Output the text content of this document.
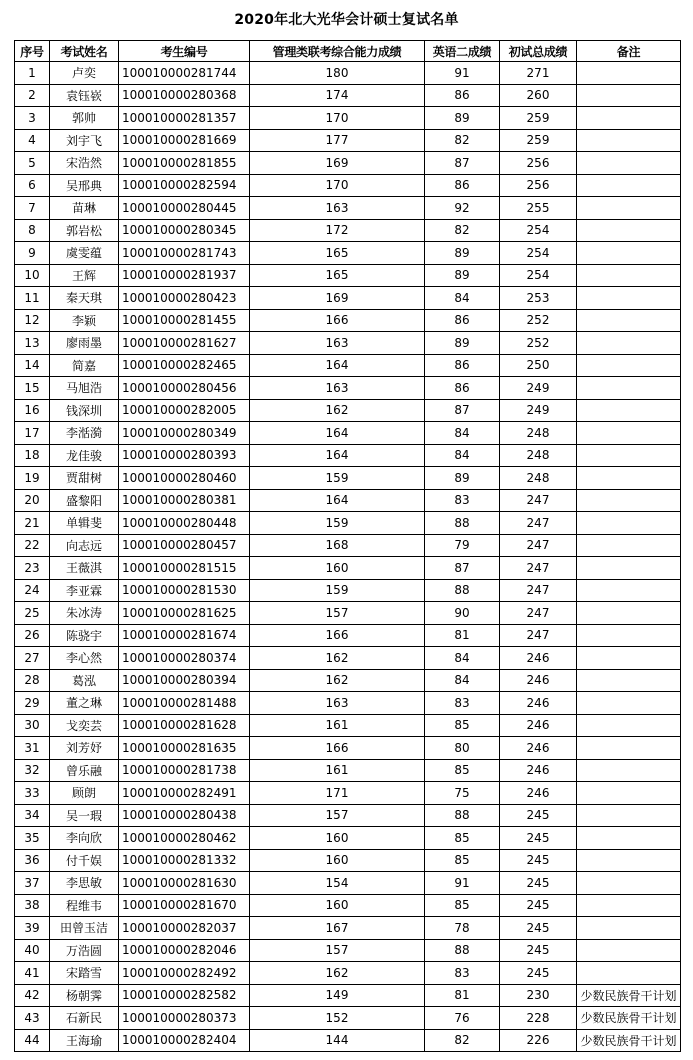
2020年北大光华会计硕士复试名单
序号	考试姓名	考生编号	管理类联考综合能力成绩	英语二成绩	初试总成绩	备注
1	卢奕	100010000281744	180	91	271	
2	袁钰嵚	100010000280368	174	86	260	
3	郭帅	100010000281357	170	89	259	
4	刘宇飞	100010000281669	177	82	259	
5	宋浩然	100010000281855	169	87	256	
6	吴邢典	100010000282594	170	86	256	
7	苗琳	100010000280445	163	92	255	
8	郭岩松	100010000280345	172	82	254	
9	虞雯蕴	100010000281743	165	89	254	
10	王辉	100010000281937	165	89	254	
11	秦天琪	100010000280423	169	84	253	
12	李颖	100010000281455	166	86	252	
13	廖雨墨	100010000281627	163	89	252	
14	简嘉	100010000282465	164	86	250	
15	马旭浩	100010000280456	163	86	249	
16	钱深圳	100010000282005	162	87	249	
17	李湉漪	100010000280349	164	84	248	
18	龙佳骏	100010000280393	164	84	248	
19	贾甜树	100010000280460	159	89	248	
20	盛黎阳	100010000280381	164	83	247	
21	单辑斐	100010000280448	159	88	247	
22	向志远	100010000280457	168	79	247	
23	王薇淇	100010000281515	160	87	247	
24	李亚霖	100010000281530	159	88	247	
25	朱冰涛	100010000281625	157	90	247	
26	陈骁宇	100010000281674	166	81	247	
27	李心然	100010000280374	162	84	246	
28	葛泓	100010000280394	162	84	246	
29	董之琳	100010000281488	163	83	246	
30	戈奕芸	100010000281628	161	85	246	
31	刘芳妤	100010000281635	166	80	246	
32	曾乐融	100010000281738	161	85	246	
33	顾朗	100010000282491	171	75	246	
34	吴一瑕	100010000280438	157	88	245	
35	李向欣	100010000280462	160	85	245	
36	付千娱	100010000281332	160	85	245	
37	李思敏	100010000281630	154	91	245	
38	程维韦	100010000281670	160	85	245	
39	田曾玉洁	100010000282037	167	78	245	
40	万浩圆	100010000282046	157	88	245	
41	宋踏雪	100010000282492	162	83	245	
42	杨朝霁	100010000282582	149	81	230	少数民族骨干计划
43	石新民	100010000280373	152	76	228	少数民族骨干计划
44	王海瑜	100010000282404	144	82	226	少数民族骨干计划
